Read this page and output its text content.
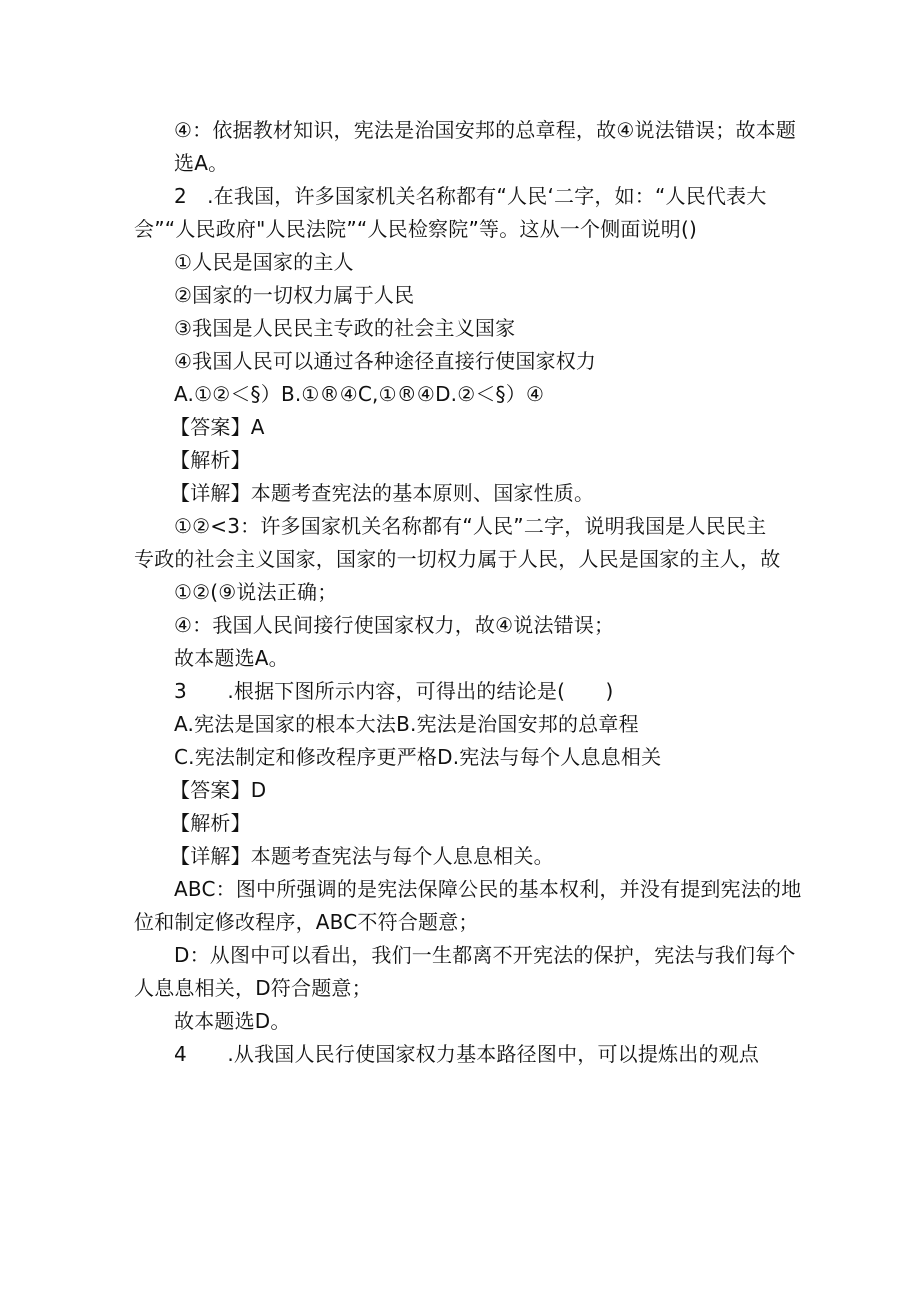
④：依据教材知识，宪法是治国安邦的总章程，故④说法错误；故本题
选A。
2　.在我国，许多国家机关名称都有“人民‘二字，如：“人民代表大
会”“人民政府"人民法院”“人民检察院”等。这从一个侧面说明()
①人民是国家的主人
②国家的一切权力属于人民
③我国是人民民主专政的社会主义国家
④我国人民可以通过各种途径直接行使国家权力
A.①②＜§）B.①®④C,①®④D.②＜§）④
【答案】A
【解析】
【详解】本题考查宪法的基本原则、国家性质。
①②<3：许多国家机关名称都有“人民”二字，说明我国是人民民主
专政的社会主义国家，国家的一切权力属于人民，人民是国家的主人，故
①②(⑨说法正确；
④：我国人民间接行使国家权力，故④说法错误；
故本题选A。
3　　.根据下图所示内容，可得出的结论是(　　)
A.宪法是国家的根本大法B.宪法是治国安邦的总章程
C.宪法制定和修改程序更严格D.宪法与每个人息息相关
【答案】D
【解析】
【详解】本题考查宪法与每个人息息相关。
ABC：图中所强调的是宪法保障公民的基本权利，并没有提到宪法的地
位和制定修改程序，ABC不符合题意；
D：从图中可以看出，我们一生都离不开宪法的保护，宪法与我们每个
人息息相关，D符合题意；
故本题选D。
4　　.从我国人民行使国家权力基本路径图中，可以提炼出的观点
